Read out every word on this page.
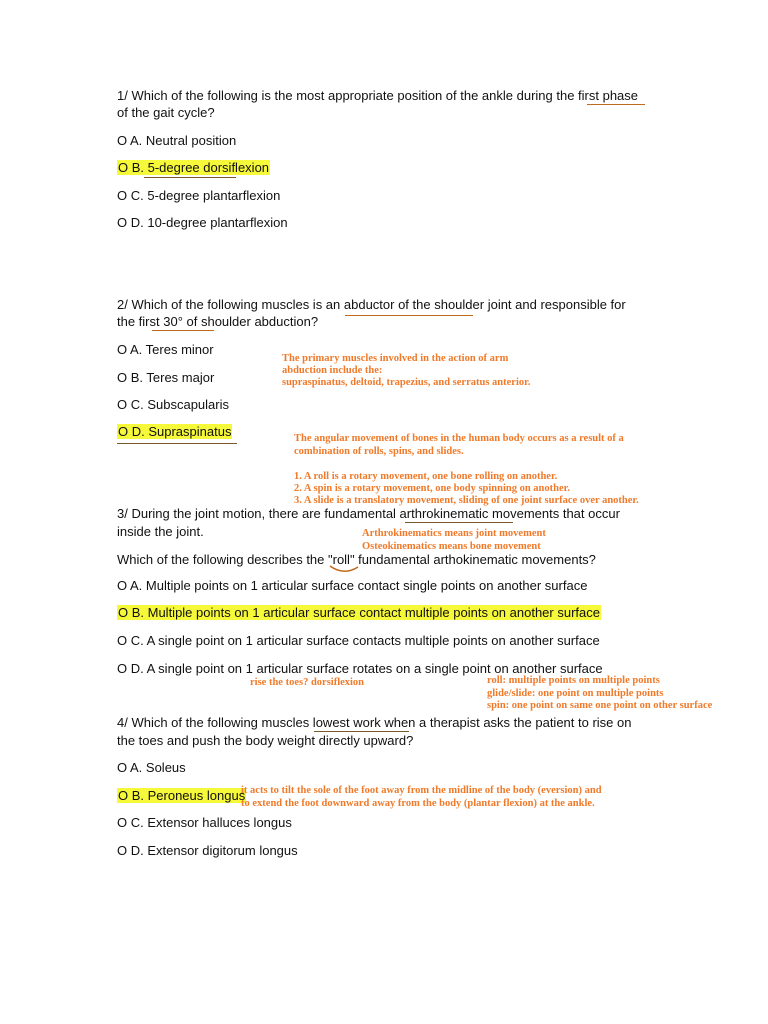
1/ Which of the following is the most appropriate position of the ankle during the first phase
of the gait cycle?
O A. Neutral position
O B. 5-degree dorsiflexion
O C. 5-degree plantarflexion
O D. 10-degree plantarflexion
2/ Which of the following muscles is an abductor of the shoulder joint and responsible for
the first 30° of shoulder abduction?
O A. Teres minor
O B. Teres major
O C. Subscapularis
O D. Supraspinatus
The primary muscles involved in the action of arm
abduction include the:
supraspinatus, deltoid, trapezius, and serratus anterior.
The angular movement of bones in the human body occurs as a result of a
combination of rolls, spins, and slides.
1. A roll is a rotary movement, one bone rolling on another.
2. A spin is a rotary movement, one body spinning on another.
3. A slide is a translatory movement, sliding of one joint surface over another.
3/ During the joint motion, there are fundamental arthrokinematic movements that occur
inside the joint.	Arthrokinematics means joint movement
Osteokinematics means bone movement
Which of the following describes the "roll" fundamental arthokinematic movements?
O A. Multiple points on 1 articular surface contact single points on another surface
O B. Multiple points on 1 articular surface contact multiple points on another surface
O C. A single point on 1 articular surface contacts multiple points on another surface
O D. A single point on 1 articular surface rotates on a single point on another surface
rise the toes? dorsiflexion	roll: multiple points on multiple points
glide/slide: one point on multiple points
spin: one point on same one point on other surface
4/ Which of the following muscles lowest work when a therapist asks the patient to rise on
the toes and push the body weight directly upward?
O A. Soleus
O B. Peroneus longus
it acts to tilt the sole of the foot away from the midline of the body (eversion) and
to extend the foot downward away from the body (plantar flexion) at the ankle.
O C. Extensor halluces longus
O D. Extensor digitorum longus
